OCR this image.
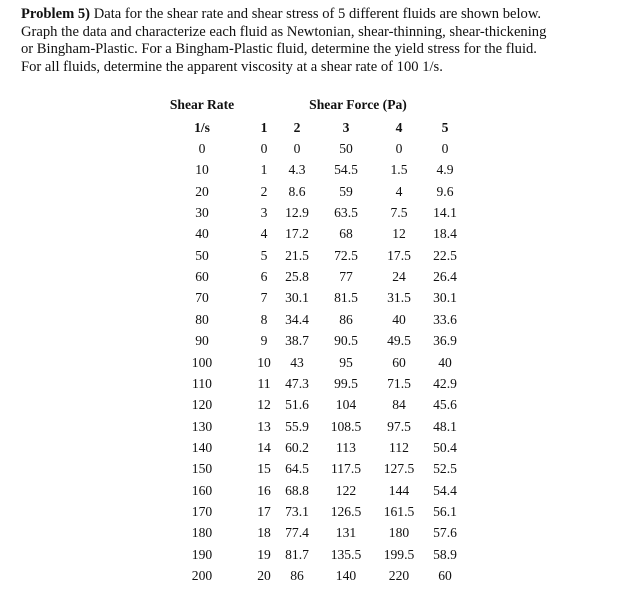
Problem 5) Data for the shear rate and shear stress of 5 different fluids are shown below.
Graph the data and characterize each fluid as Newtonian, shear-thinning, shear-thickening
or Bingham-Plastic. For a Bingham-Plastic fluid, determine the yield stress for the fluid.
For all fluids, determine the apparent viscosity at a shear rate of 100 1/s.
Shear Rate	Shear Force (Pa)
1/s	1 2	3	4	5
0	0 0	50	0	0
10	1 4.3 54.5 1.5 4.9
20	2 8.6 59	4	9.6
30	3 12.9 63.5 7.5 14.1
40	4 17.2 68	12 18.4
50	5 21.5 72.5 17.5 22.5
60	6 25.8 77	24 26.4
70	7 30.1 81.5 31.5 30.1
80	8 34.4 86	40 33.6
90	9 38.7 90.5 49.5 36.9
100	10 43	95	60 40
110	11 47.3 99.5 71.5 42.9
120	12 51.6 104	84 45.6
130	13 55.9 108.5 97.5 48.1
140	14 60.2 113 112 50.4
150	15 64.5 117.5 127.5 52.5
160	16 68.8 122 144 54.4
170	17 73.1 126.5 161.5 56.1
180	18 77.4 131 180 57.6
190	19 81.7 135.5 199.5 58.9
200	20 86 140 220 60
